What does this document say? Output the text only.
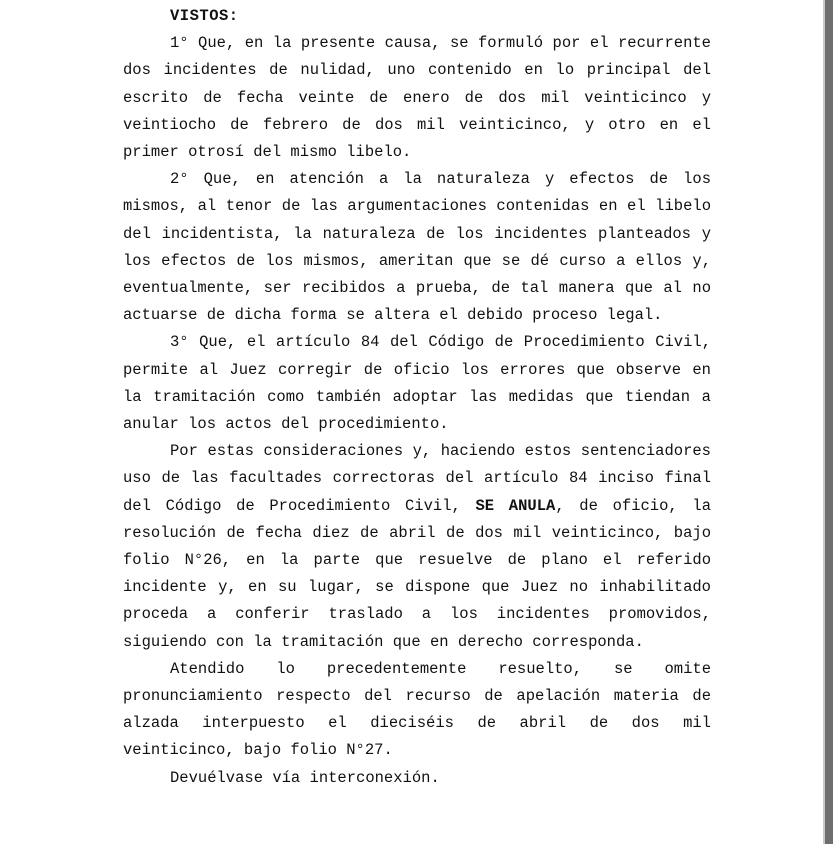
VISTOS:

1° Que, en la presente causa, se formuló por el recurrente dos incidentes de nulidad, uno contenido en lo principal del escrito de fecha veinte de enero de dos mil veinticinco y veintiocho de febrero de dos mil veinticinco, y otro en el primer otrosí del mismo libelo.

2° Que, en atención a la naturaleza y efectos de los mismos, al tenor de las argumentaciones contenidas en el libelo del incidentista, la naturaleza de los incidentes planteados y los efectos de los mismos, ameritan que se dé curso a ellos y, eventualmente, ser recibidos a prueba, de tal manera que al no actuarse de dicha forma se altera el debido proceso legal.

3° Que, el artículo 84 del Código de Procedimiento Civil, permite al Juez corregir de oficio los errores que observe en la tramitación como también adoptar las medidas que tiendan a anular los actos del procedimiento.

Por estas consideraciones y, haciendo estos sentenciadores uso de las facultades correctoras del artículo 84 inciso final del Código de Procedimiento Civil, SE ANULA, de oficio, la resolución de fecha diez de abril de dos mil veinticinco, bajo folio N°26, en la parte que resuelve de plano el referido incidente y, en su lugar, se dispone que Juez no inhabilitado proceda a conferir traslado a los incidentes promovidos, siguiendo con la tramitación que en derecho corresponda.

Atendido lo precedentemente resuelto, se omite pronunciamiento respecto del recurso de apelación materia de alzada interpuesto el dieciséis de abril de dos mil veinticinco, bajo folio N°27.

Devuélvase vía interconexión.
